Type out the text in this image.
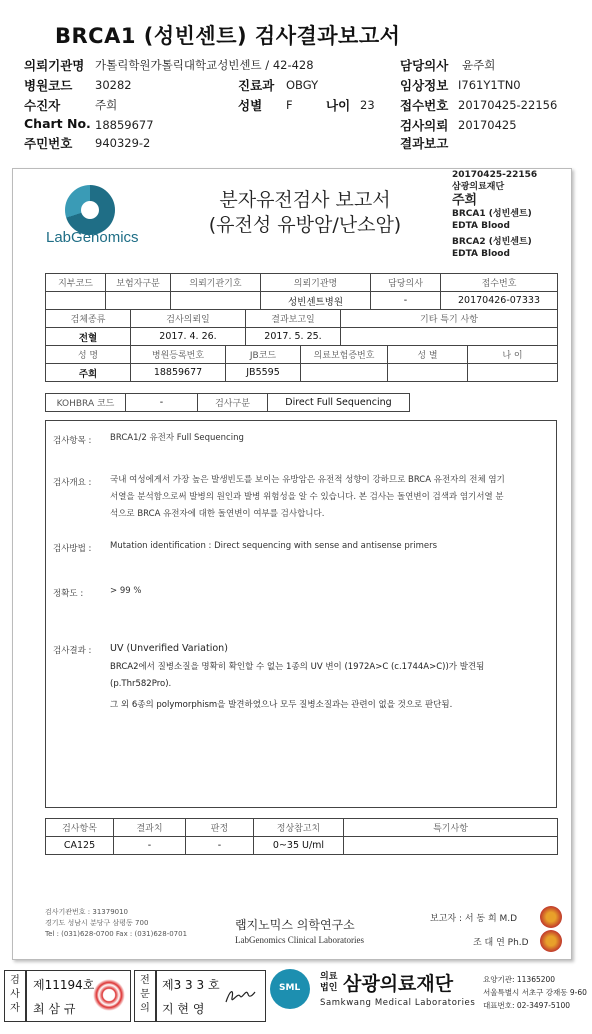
BRCA1 (성빈센트) 검사결과보고서
의뢰기관명 가톨릭학원가톨릭대학교성빈센트 / 42-428	담당의사 윤주희
병원코드 30282	진료과 OBGY	임상정보 I761Y1TN0
수진자	주희	성별 F	나이 23 접수번호 20170425-22156
Chart No. 18859677	검사의뢰 20170425
주민번호 940329-2	결과보고
LabGenomics
분자유전검사 보고서
(유전성 유방암/난소암)
20170425-22156
삼광의료재단
주희
BRCA1 (성빈센트)
EDTA Blood
BRCA2 (성빈센트)
EDTA Blood
지부코드	보험자구분	의뢰기관기호	의뢰기관명	담당의사	접수번호
			성빈센트병원	-	20170426-07333
검체종류	검사의뢰일	결과보고일	기타 특기 사항
전혈	2017. 4. 26.	2017. 5. 25.	
성 명	병원등록번호	JB코드	의료보험증번호	성 별	나 이
주희	18859677	JB5595			
KOHBRA 코드	-	검사구분	Direct Full Sequencing
검사항목 : BRCA1/2 유전자 Full Sequencing
검사개요 : 국내 여성에게서 가장 높은 발생빈도를 보이는 유방암은 유전적 성향이 강하므로 BRCA 유전자의 전체 염기
서열을 분석함으로써 발병의 원인과 발병 위험성을 알 수 있습니다. 본 검사는 돌연변이 검색과 염기서열 분
석으로 BRCA 유전자에 대한 돌연변이 여부를 검사합니다.
검사방법 : Mutation identification : Direct sequencing with sense and antisense primers
정확도 :	> 99 %
검사결과 : UV (Unverified Variation)
BRCA2에서 질병소질을 명확히 확인할 수 없는 1종의 UV 변이 (1972A>C (c.1744A>C))가 발견됨
(p.Thr582Pro).
그 외 6종의 polymorphism을 발견하였으나 모두 질병소질과는 관련이 없을 것으로 판단됨.
검사항목	결과치	판정	정상참고치	특기사항
CA125	-	-	0~35 U/ml	
검사기관번호 : 31379010
경기도 성남시 분당구 삼평동 700
Tel : (031)628-0700 Fax : (031)628-0701
랩지노믹스 의학연구소
LabGenomics Clinical Laboratories
보고자 : 서 동 희 M.D
조 대 연 Ph.D
검사자
제11194호
최 삼 규
전문의
제3 3 3 호
지 현 영
SML
의료
법인 삼광의료재단
Samkwang Medical Laboratories
요양기관: 11365200
서울특별시 서초구 강재동 9-60
대표번호: 02-3497-5100
